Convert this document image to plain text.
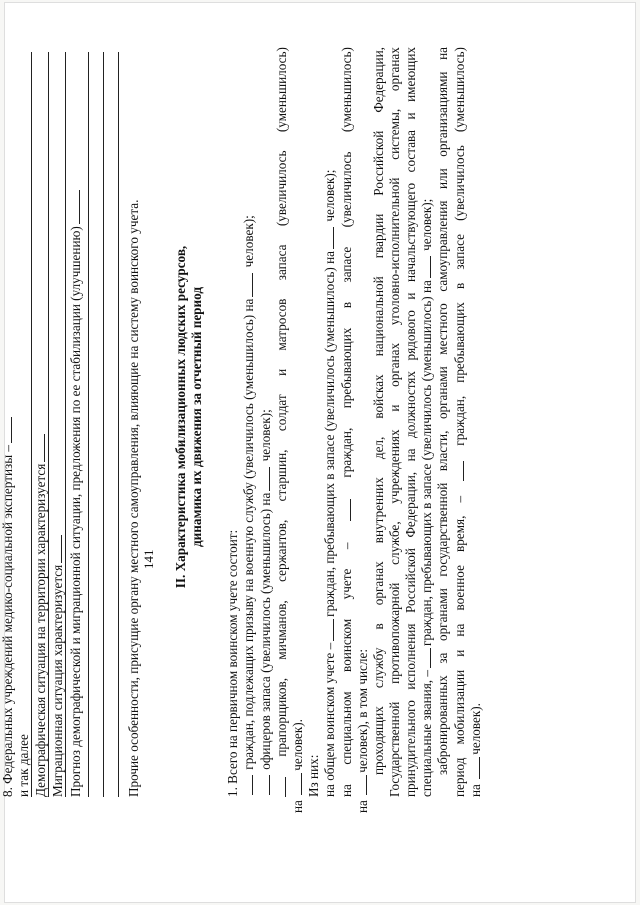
141
8. Федеральных учреждений медико-социальной экспертизы – и так далее Демографическая ситуация на территории характеризуется Миграционная ситуация характеризуется Прогноз демографической и миграционной ситуации, предложения по ее стабилизации (улучшению)	Прочие особенности, присущие органу местного самоуправления, влияющие на систему воинского учета. II. Характеристика мобилизационных людских ресурсов, динамика их движения за отчетный период
1. Всего на первичном воинском учете состоит: граждан, подлежащих призыву на военную службу (увеличилось (уменьшилось) на человек);
офицеров запаса (увеличилось (уменьшилось) на человек);
прапорщиков,
мичманов,
сержантов,
старшин,
солдат
и
матросов
запаса
(увеличилось
(уменьшилось)
на человек).
Из них: на общем воинском учете –граждан, пребывающих в запасе (увеличилось (уменьшилось) на человек);
на
специальном
воинском
учете
–
граждан,
пребывающих
в
запасе
(увеличилось
(уменьшилось)
на человек), в том числе: проходящих
службу
в
органах
внутренних
дел,
войсках
национальной
гвардии
Российской
Федерации,
Государственной
противопожарной
службе,
учреждениях
и
органах
уголовно-исполнительной
системы,
органах
принудительного
исполнения
Российской
Федерации,
на
должностях
рядового
и
начальствующего
состава
и
имеющих
специальные звания, –граждан, пребывающих в запасе (увеличилось (уменьшилось) на человек);
забронированных
за
органами
государственной
власти,
органами
местного
самоуправления
или
организациями
на
период
мобилизации
и
на
военное
время,
–
граждан,
пребывающих
в
запасе
(увеличилось
(уменьшилось)
на человек).
